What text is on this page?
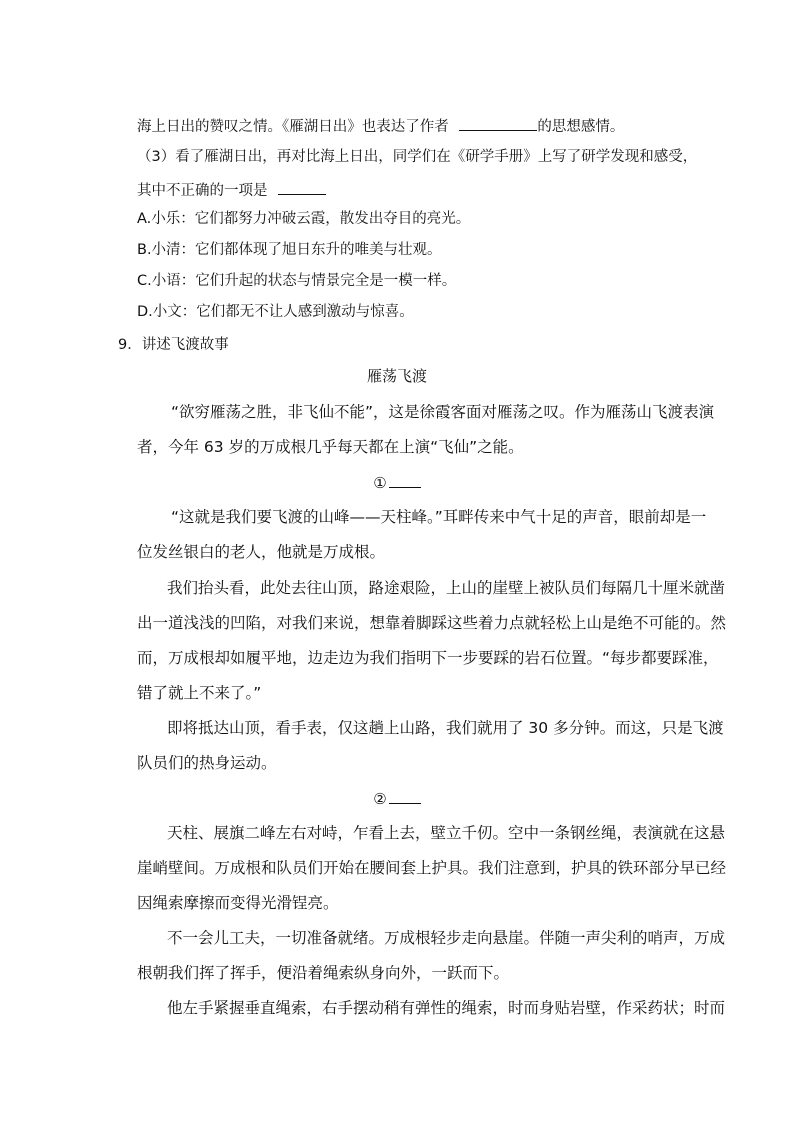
海上日出的赞叹之情。《雁湖日出》也表达了作者	的思想感情。
（3）看了雁湖日出，再对比海上日出，同学们在《研学手册》上写了研学发现和感受，
其中不正确的一项是
A.小乐：它们都努力冲破云霞，散发出夺目的亮光。
B.小清：它们都体现了旭日东升的唯美与壮观。
C.小语：它们升起的状态与情景完全是一模一样。
D.小文：它们都无不让人感到激动与惊喜。
9．讲述飞渡故事
雁荡飞渡
“欲穷雁荡之胜，非飞仙不能”，这是徐霞客面对雁荡之叹。作为雁荡山飞渡表演
者，今年 63 岁的万成根几乎每天都在上演“飞仙”之能。
①
“这就是我们要飞渡的山峰——天柱峰。”耳畔传来中气十足的声音，眼前却是一
位发丝银白的老人，他就是万成根。
我们抬头看，此处去往山顶，路途艰险，上山的崖壁上被队员们每隔几十厘米就凿
出一道浅浅的凹陷，对我们来说，想靠着脚踩这些着力点就轻松上山是绝不可能的。然
而，万成根却如履平地，边走边为我们指明下一步要踩的岩石位置。“每步都要踩准，
错了就上不来了。”
即将抵达山顶，看手表，仅这趟上山路，我们就用了 30 多分钟。而这，只是飞渡
队员们的热身运动。
②
天柱、展旗二峰左右对峙，乍看上去，壁立千仞。空中一条钢丝绳，表演就在这悬
崖峭壁间。万成根和队员们开始在腰间套上护具。我们注意到，护具的铁环部分早已经
因绳索摩擦而变得光滑锃亮。
不一会儿工夫，一切准备就绪。万成根轻步走向悬崖。伴随一声尖利的哨声，万成
根朝我们挥了挥手，便沿着绳索纵身向外，一跃而下。
他左手紧握垂直绳索，右手摆动稍有弹性的绳索，时而身贴岩壁，作采药状；时而
